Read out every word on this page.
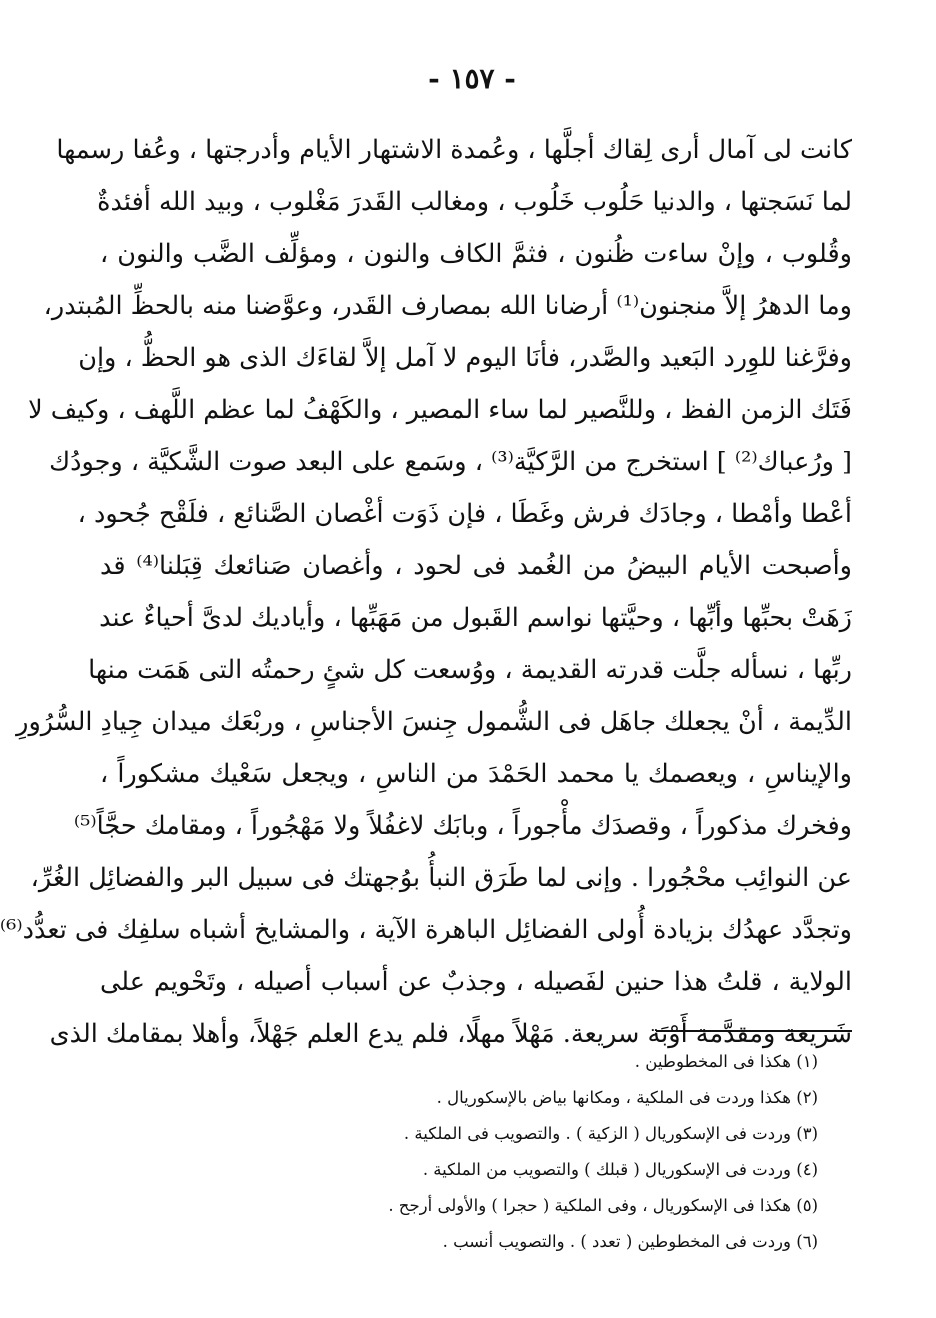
- ١٥٧ -
كانت لى آمال أرى لِقاك أجلَّها ، وعُمدة الاشتهار الأيام وأدرجتها ، وعُفا رسمها
لما نَسَجتها ، والدنيا حَلُوب خَلُوب ، ومغالب القَدرَ مَغْلوب ، وبيد الله أفئدةٌ
وقُلوب ، وإنْ ساءت ظُنون ، فثمَّ الكاف والنون ، ومؤلِّف الضَّب والنون ،
وما الدهرُ إلاَّ منجنون⁽¹⁾ أرضانا الله بمصارف القَدر، وعوَّضنا منه بالحظِّ المُبتدر،
وفرَّغنا للوِرد البَعيد والصَّدر، فأنَا اليوم لا آمل إلاَّ لقاءَك الذى هو الحظُّ ، وإن
فَتَك الزمن الفظ ، وللنَّصير لما ساء المصير ، والكَهْفُ لما عظم اللَّهف ، وكيف لا
[ ورُعباك⁽²⁾ ] استخرج من الرَّكيَّة⁽³⁾ ، وسَمع على البعد صوت الشَّكيَّة ، وجودُك
أعْطا وأمْطا ، وجادَك فرش وغَطَا ، فإن ذَوَت أغْصان الصَّنائع ، فلَقْح جُحود ،
وأصبحت الأيام البيضُ من الغُمد فى لحود ، وأغصان صَنائعك قِبَلنا⁽⁴⁾ قد
زَهَتْ بحبِّها وأبِّها ، وحيَّتها نواسم القَبول من مَهَبِّها ، وأياديك لدىَّ أحياءٌ عند
ربِّها ، نسأله جلَّت قدرته القديمة ، ووُسعت كل شئٍ رحمتُه التى هَمَت منها
الدِّيمة ، أنْ يجعلك جاهَل فى الشُّمول جِنسَ الأجناسِ ، وربْعَك ميدان جِيادِ السُّرُورِ
والإيناسِ ، ويعصمك يا محمد الحَمْدَ من الناسِ ، ويجعل سَعْيك مشكوراً ،
وفخرك مذكوراً ، وقصدَك مأْجوراً ، وبابَك لاغفُلاً ولا مَهْجُوراً ، ومقامك حجَّاً⁽⁵⁾
عن النوائِب محْجُورا . وإنى لما طَرَق النبأُ بوُجهتك فى سبيل البر والفضائِل الغُرِّ،
وتجدَّد عهدُك بزيادة أُولى الفضائِل الباهرة الآية ، والمشايخ أشباه سلفِك فى تعدُّد⁽⁶⁾
الولاية ، قلتُ هذا حنين لفَصيله ، وجذبٌ عن أسباب أصيله ، وتَحْويم على
شَريعة ومقدَّمة أَوْبَة سريعة. مَهْلاً مهلًا، فلم يدع العلم جَهْلاً، وأهلا بمقامك الذى
(١) هكذا فى المخطوطين .
(٢) هكذا وردت فى الملكية ، ومكانها بياض بالإسكوريال .
(٣) وردت فى الإسكوريال ( الزكية ) . والتصويب فى الملكية .
(٤) وردت فى الإسكوريال ( قبلك ) والتصويب من الملكية .
(٥) هكذا فى الإسكوريال ، وفى الملكية ( حجرا ) والأولى أرجح .
(٦) وردت فى المخطوطين ( تعدد ) . والتصويب أنسب .
